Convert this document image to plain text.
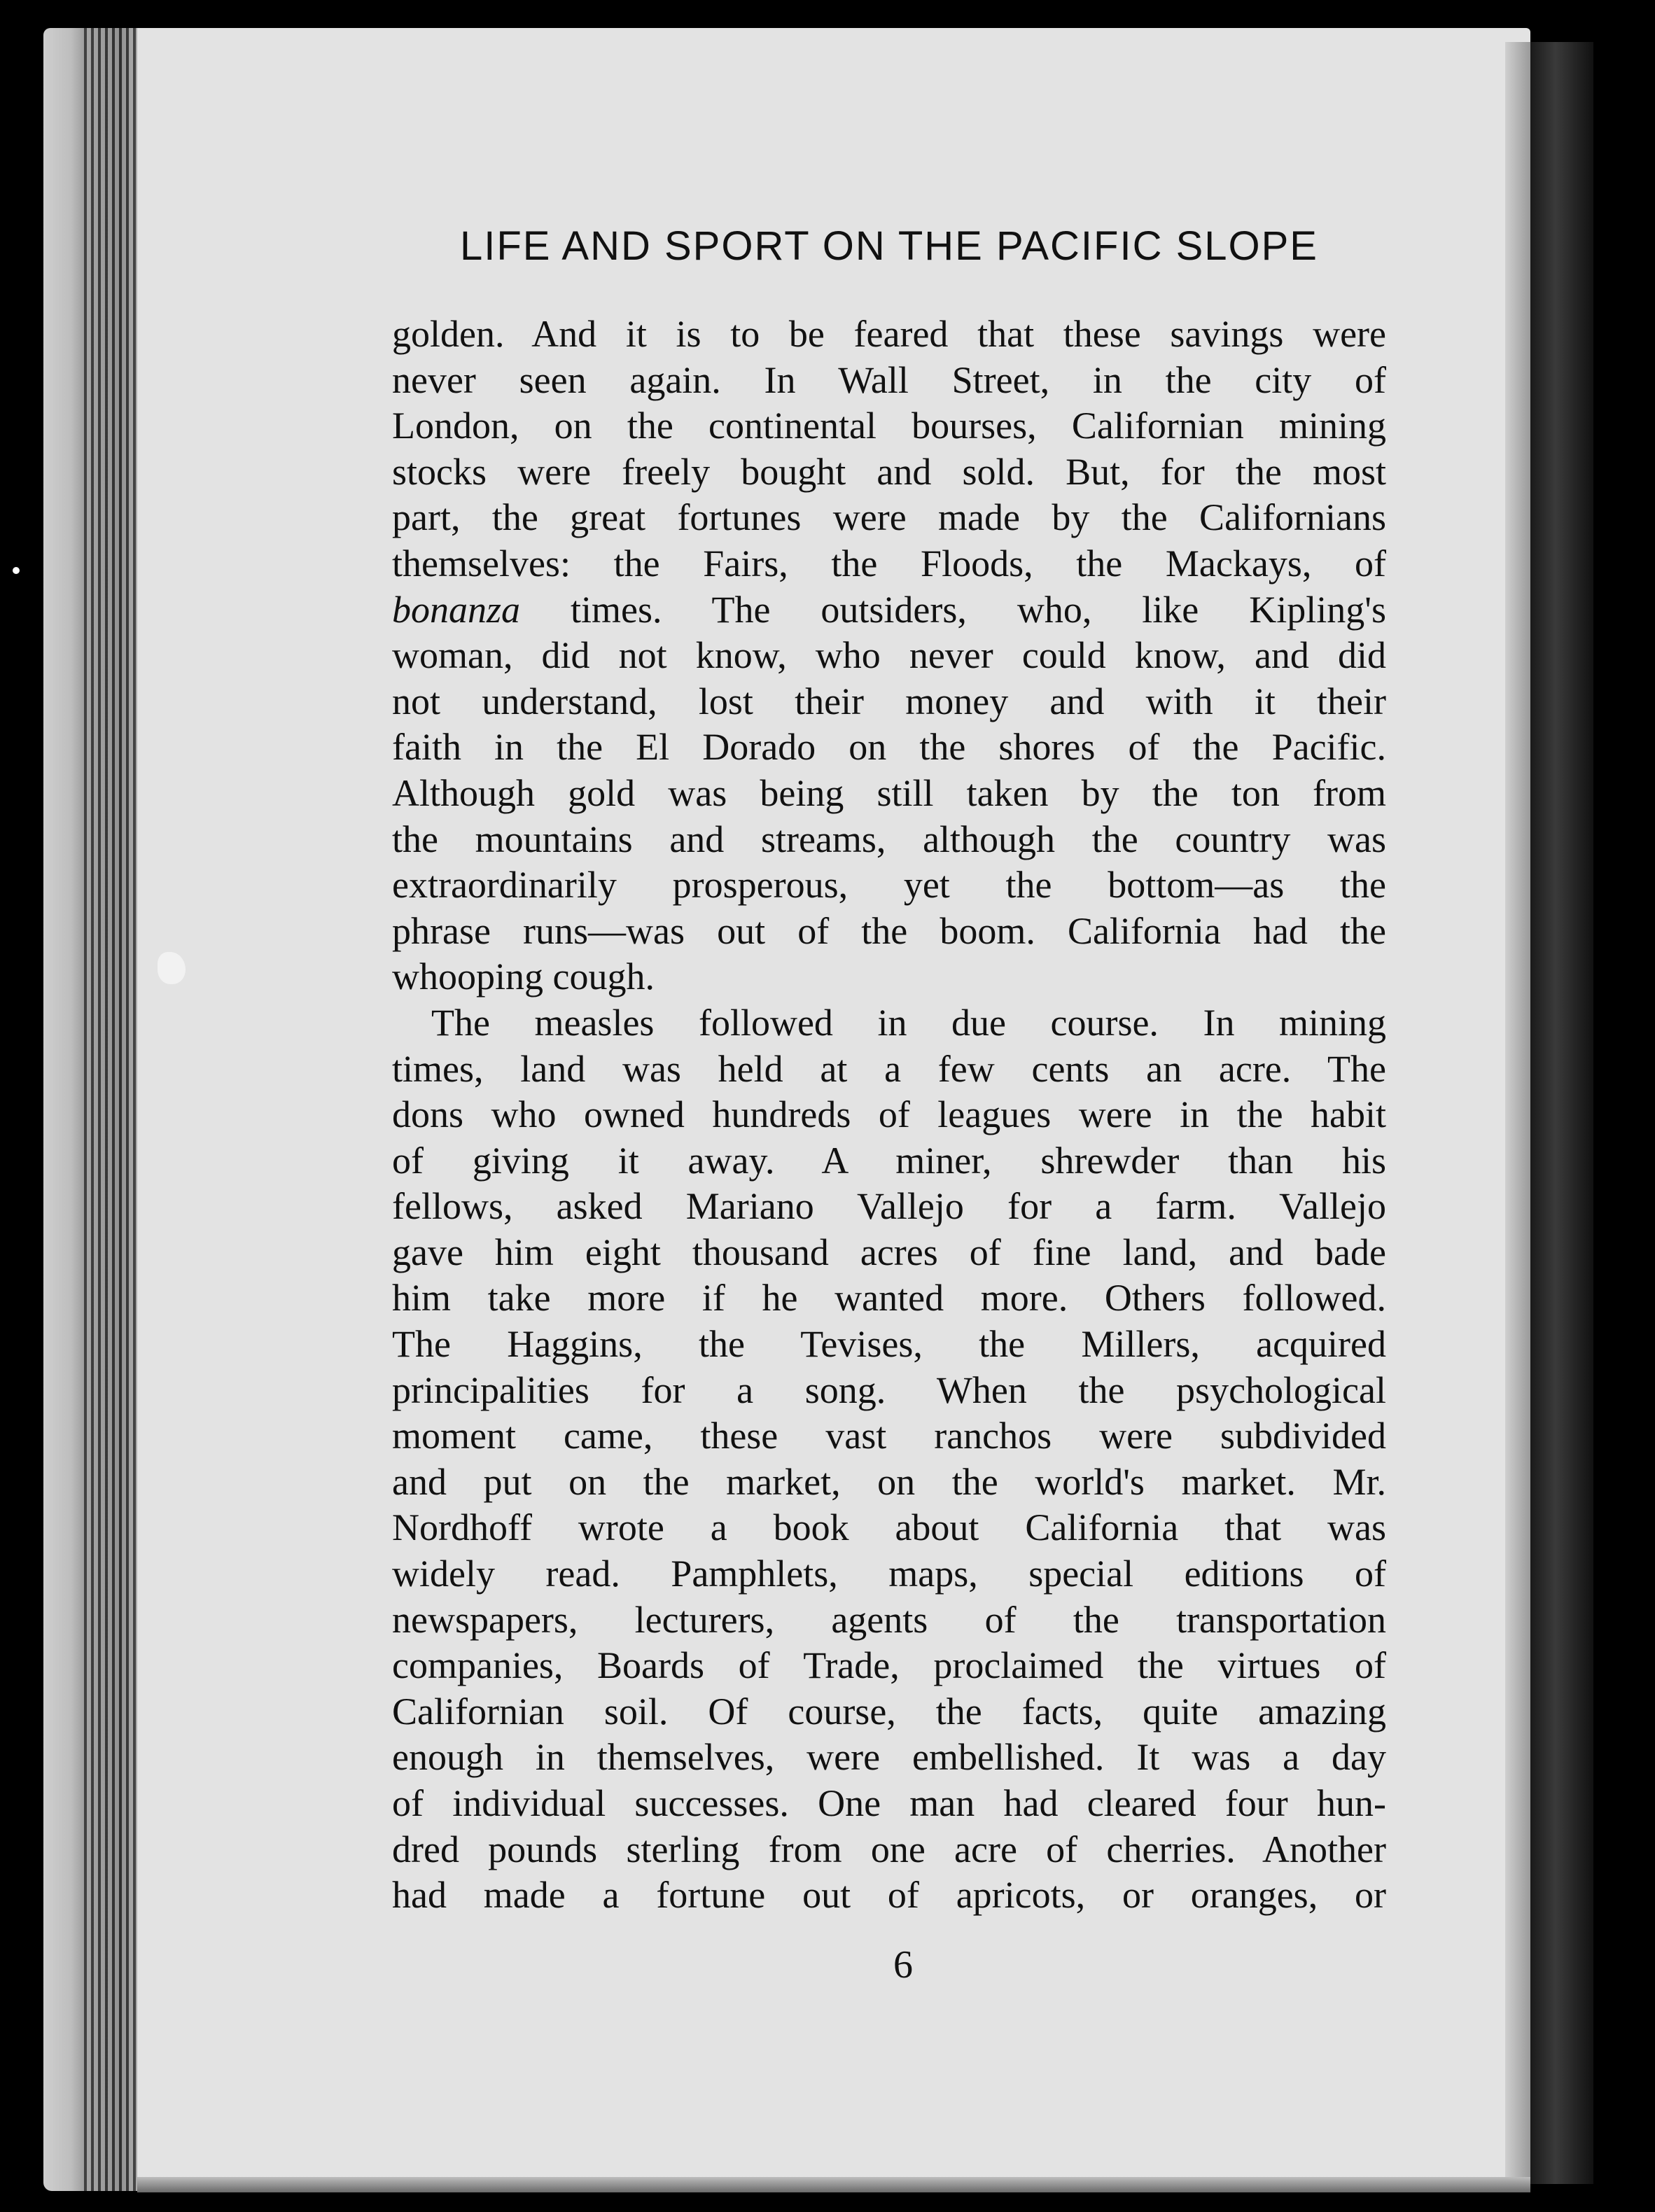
LIFE AND SPORT ON THE PACIFIC SLOPE
golden. And it is to be feared that these savings were
never seen again. In Wall Street, in the city of
London, on the continental bourses, Californian mining
stocks were freely bought and sold. But, for the most
part, the great fortunes were made by the Californians
themselves: the Fairs, the Floods, the Mackays, of
bonanza times. The outsiders, who, like Kipling's
woman, did not know, who never could know, and did
not understand, lost their money and with it their
faith in the El Dorado on the shores of the Pacific.
Although gold was being still taken by the ton from
the mountains and streams, although the country was
extraordinarily prosperous, yet the bottom—as the
phrase runs—was out of the boom. California had the
whooping cough.
The measles followed in due course. In mining
times, land was held at a few cents an acre. The
dons who owned hundreds of leagues were in the habit
of giving it away. A miner, shrewder than his
fellows, asked Mariano Vallejo for a farm. Vallejo
gave him eight thousand acres of fine land, and bade
him take more if he wanted more. Others followed.
The Haggins, the Tevises, the Millers, acquired
principalities for a song. When the psychological
moment came, these vast ranchos were subdivided
and put on the market, on the world's market. Mr.
Nordhoff wrote a book about California that was
widely read. Pamphlets, maps, special editions of
newspapers, lecturers, agents of the transportation
companies, Boards of Trade, proclaimed the virtues of
Californian soil. Of course, the facts, quite amazing
enough in themselves, were embellished. It was a day
of individual successes. One man had cleared four hun-
dred pounds sterling from one acre of cherries. Another
had made a fortune out of apricots, or oranges, or
6
